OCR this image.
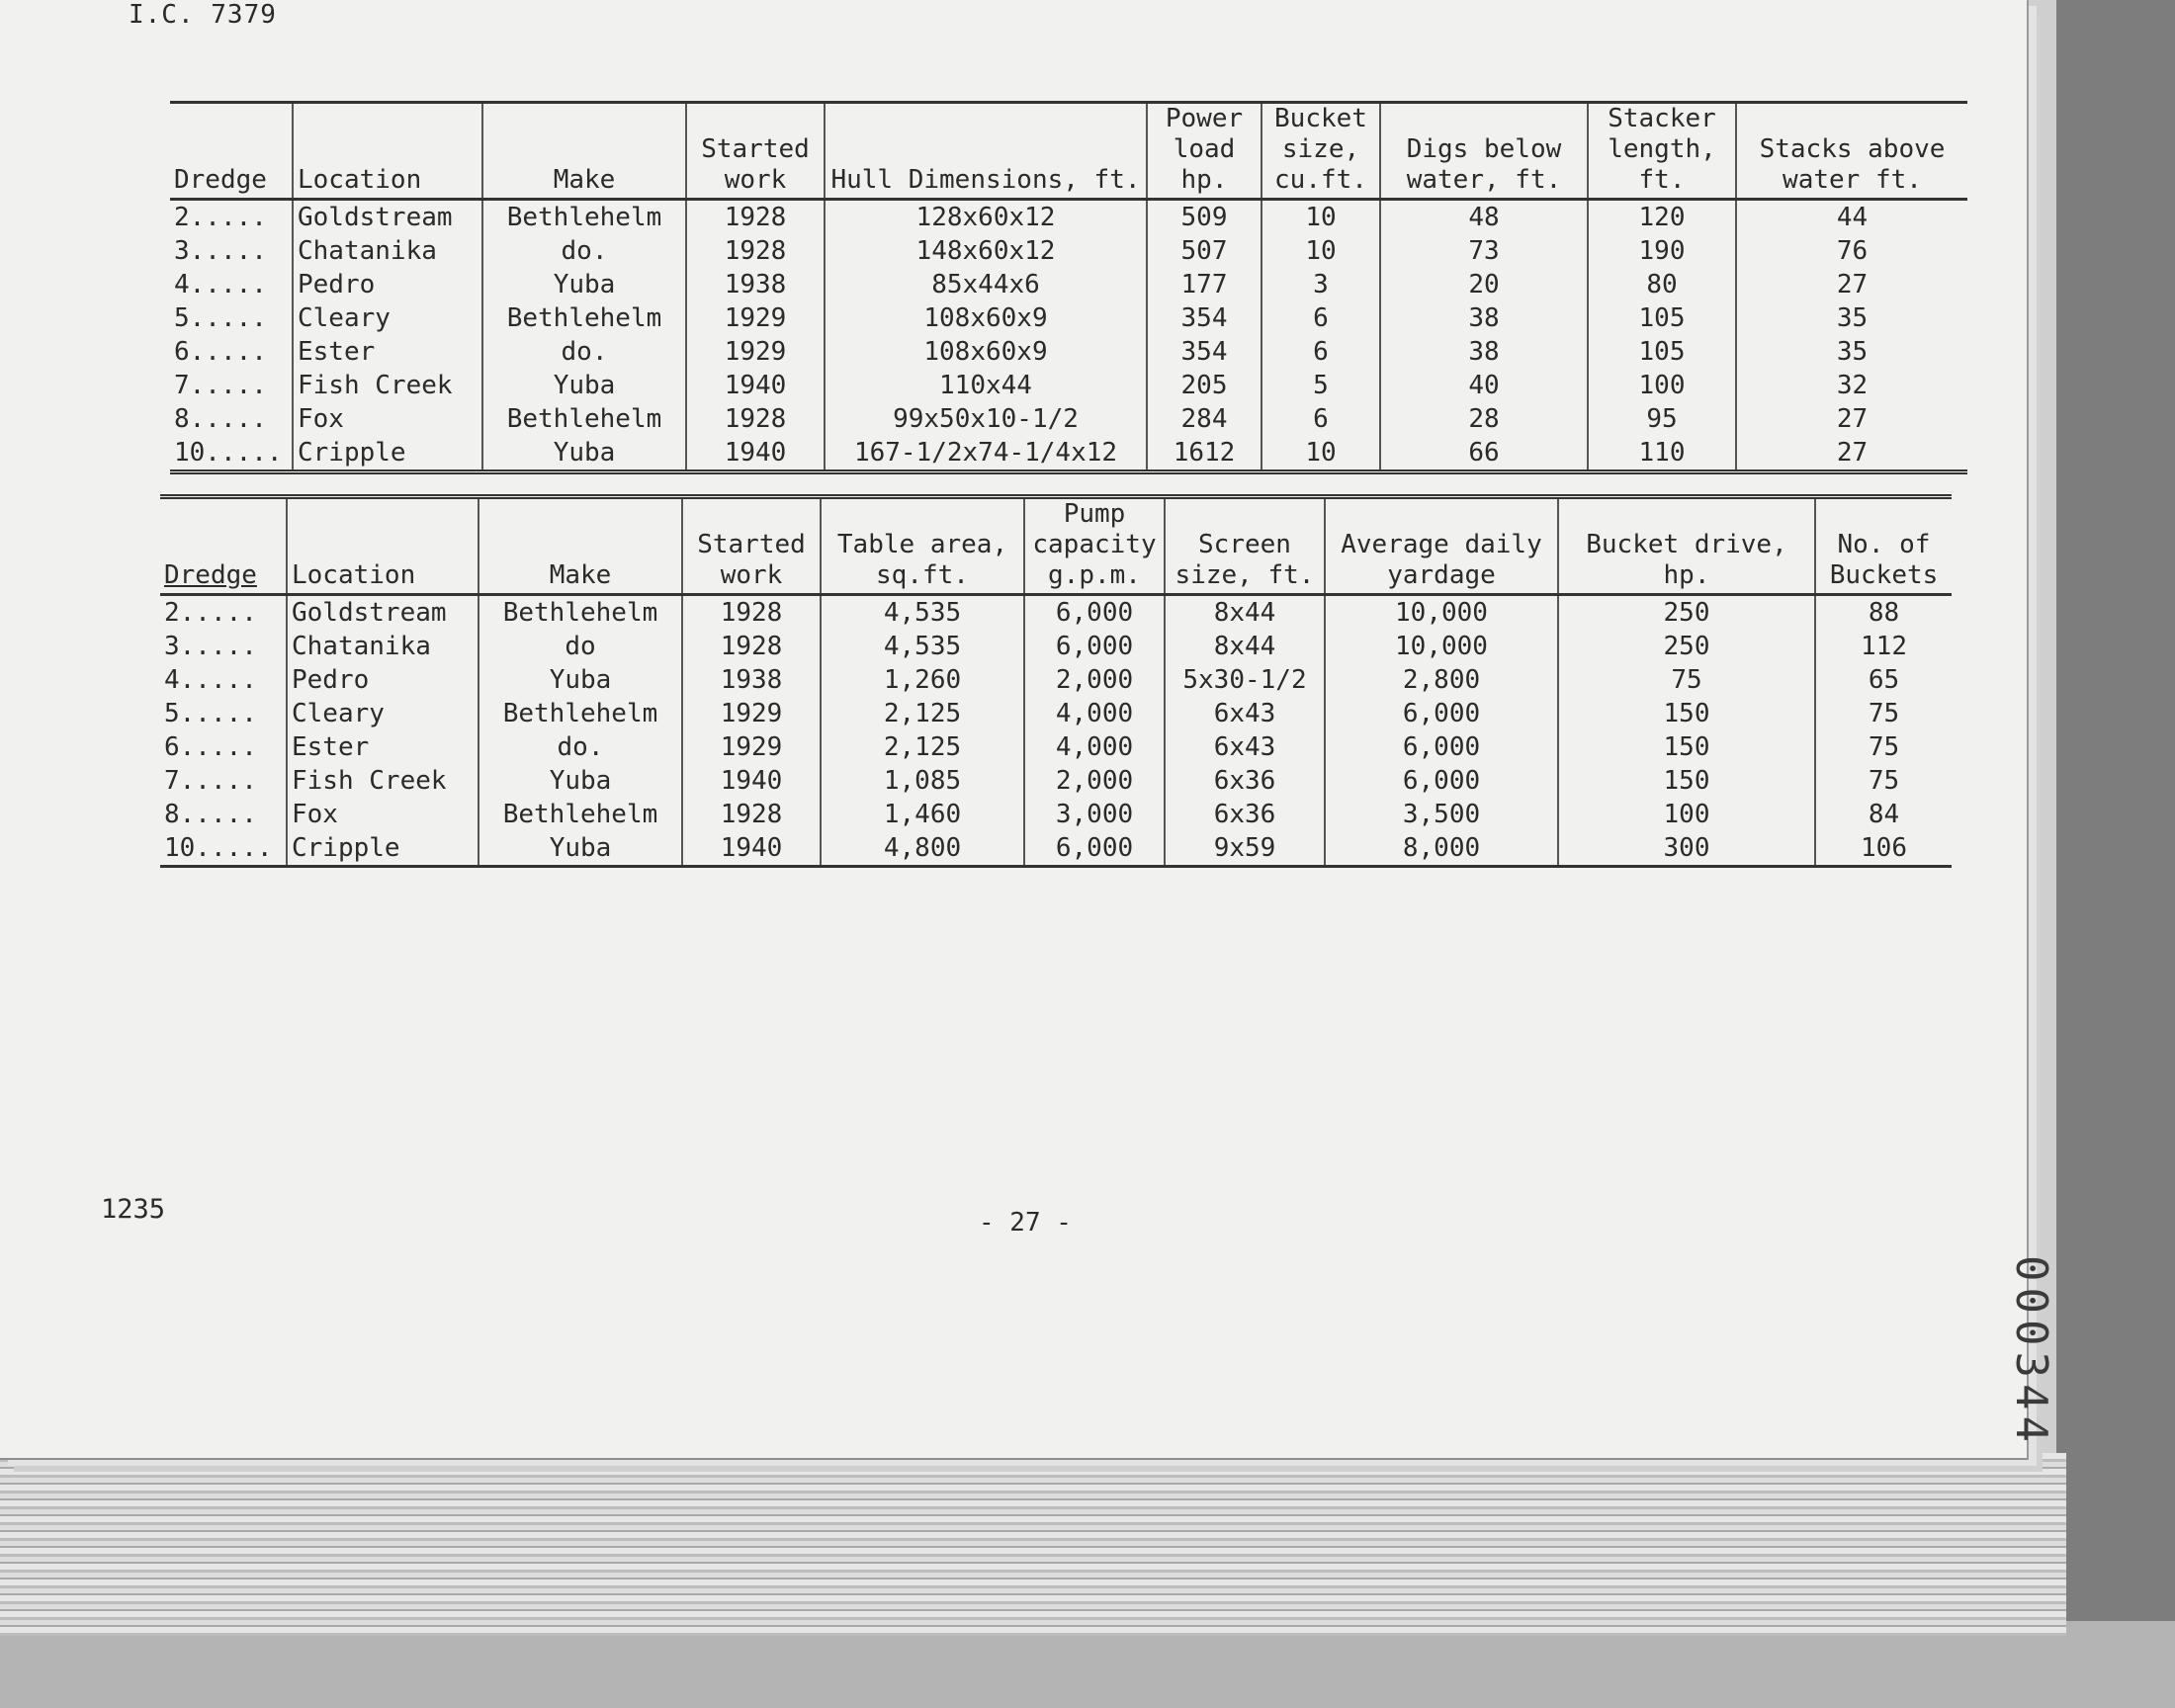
I.C. 7379
Dredge	Location	Make	Started work	Hull Dimensions, ft.	Power load hp.	Bucket size, cu.ft.	Digs below water, ft.	Stacker length, ft.	Stacks above water ft.
2.....	Goldstream	Bethlehelm	1928	128x60x12	509	10	48	120	44
3.....	Chatanika	do.	1928	148x60x12	507	10	73	190	76
4.....	Pedro	Yuba	1938	85x44x6	177	3	20	80	27
5.....	Cleary	Bethlehelm	1929	108x60x9	354	6	38	105	35
6.....	Ester	do.	1929	108x60x9	354	6	38	105	35
7.....	Fish Creek	Yuba	1940	110x44	205	5	40	100	32
8.....	Fox	Bethlehelm	1928	99x50x10-1/2	284	6	28	95	27
10.....	Cripple	Yuba	1940	167-1/2x74-1/4x12	1612	10	66	110	27
Dredge	Location	Make	Started work	Table area, sq.ft.	Pump capacity g.p.m.	Screen size, ft.	Average daily yardage	Bucket drive, hp.	No. of Buckets
2.....	Goldstream	Bethlehelm	1928	4,535	6,000	8x44	10,000	250	88
3.....	Chatanika	do	1928	4,535	6,000	8x44	10,000	250	112
4.....	Pedro	Yuba	1938	1,260	2,000	5x30-1/2	2,800	75	65
5.....	Cleary	Bethlehelm	1929	2,125	4,000	6x43	6,000	150	75
6.....	Ester	do.	1929	2,125	4,000	6x43	6,000	150	75
7.....	Fish Creek	Yuba	1940	1,085	2,000	6x36	6,000	150	75
8.....	Fox	Bethlehelm	1928	1,460	3,000	6x36	3,500	100	84
10.....	Cripple	Yuba	1940	4,800	6,000	9x59	8,000	300	106
1235	- 27 -
000344
